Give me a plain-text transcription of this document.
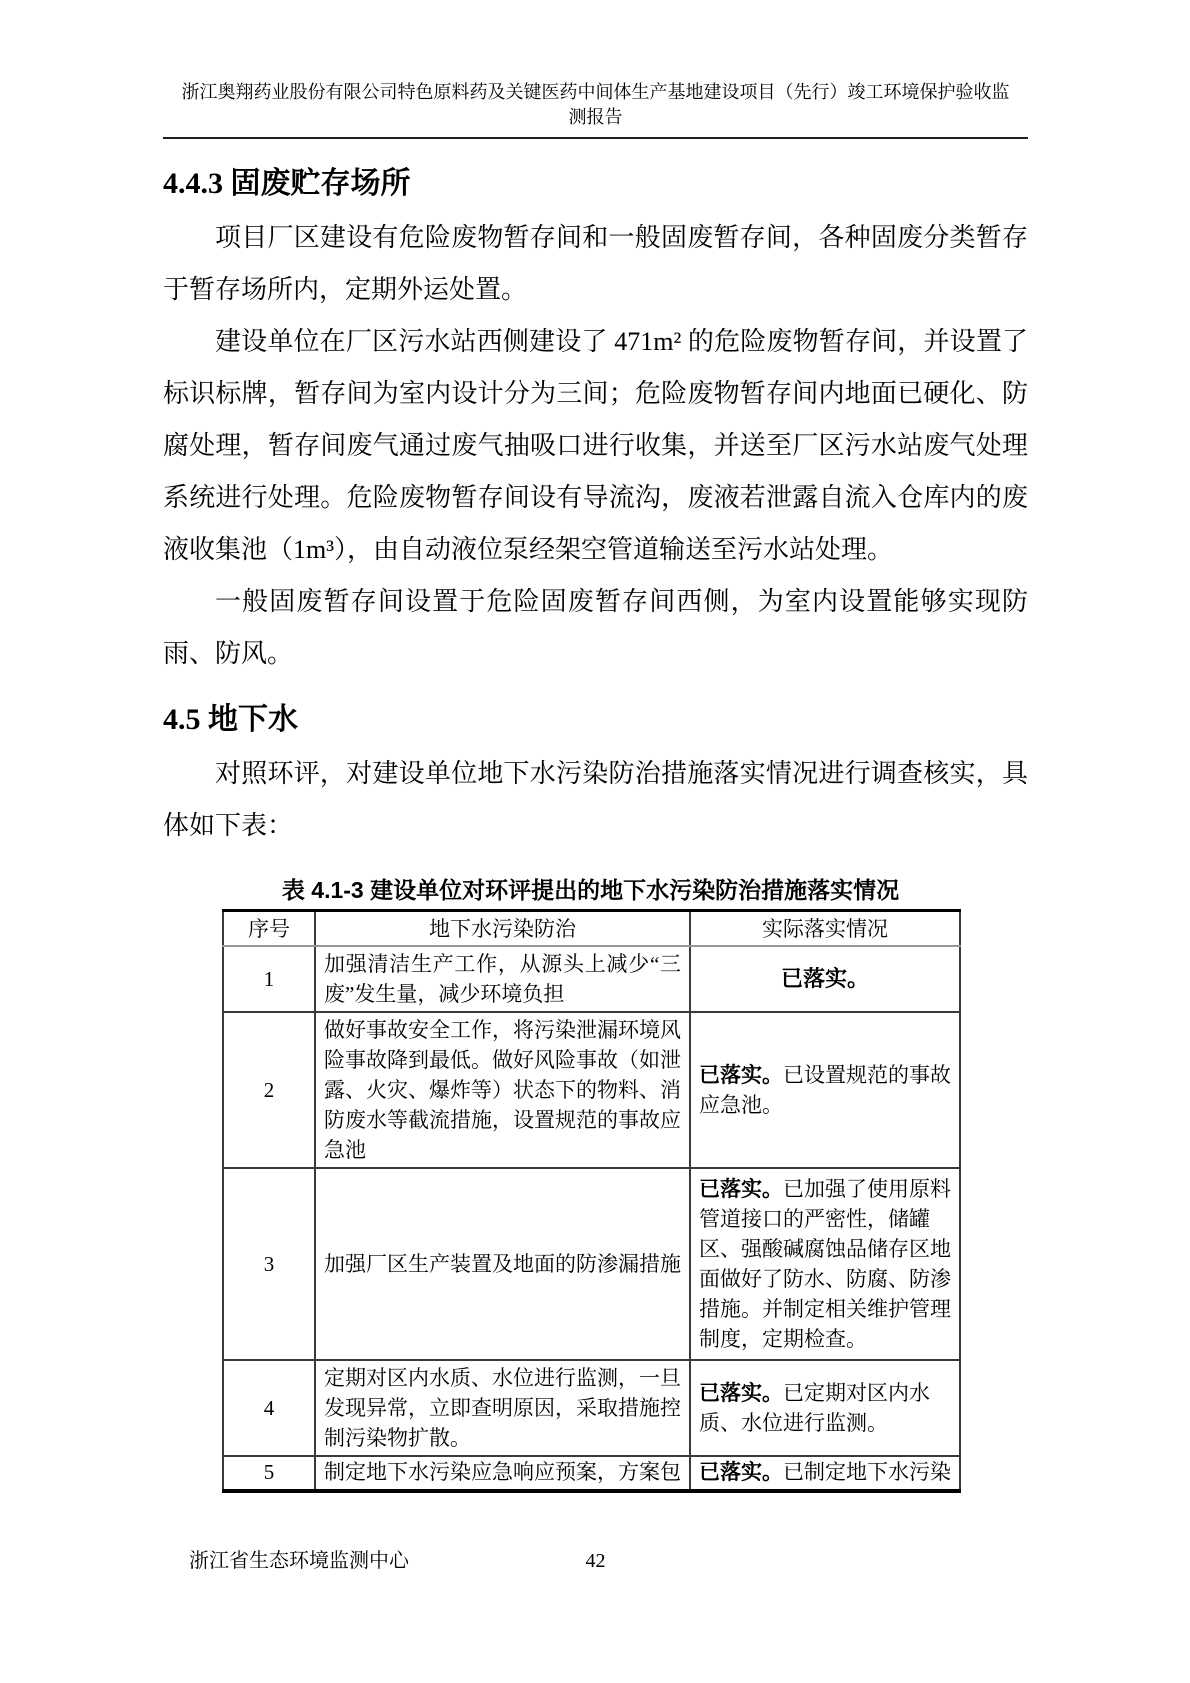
浙江奥翔药业股份有限公司特色原料药及关键医药中间体生产基地建设项目（先行）竣工环境保护验收监
测报告
4.4.3 固废贮存场所

项目厂区建设有危险废物暂存间和一般固废暂存间，各种固废分类暂存于暂存场所内，定期外运处置。

建设单位在厂区污水站西侧建设了 471m² 的危险废物暂存间，并设置了标识标牌，暂存间为室内设计分为三间；危险废物暂存间内地面已硬化、防腐处理，暂存间废气通过废气抽吸口进行收集，并送至厂区污水站废气处理系统进行处理。危险废物暂存间设有导流沟，废液若泄露自流入仓库内的废液收集池（1m³），由自动液位泵经架空管道输送至污水站处理。

一般固废暂存间设置于危险固废暂存间西侧，为室内设置能够实现防雨、防风。

4.5 地下水

对照环评，对建设单位地下水污染防治措施落实情况进行调查核实，具体如下表：

表 4.1-3 建设单位对环评提出的地下水污染防治措施落实情况
序号	地下水污染防治	实际落实情况
1	加强清洁生产工作，从源头上减少“三废”发生量，减少环境负担	已落实。
2	做好事故安全工作，将污染泄漏环境风险事故降到最低。做好风险事故（如泄露、火灾、爆炸等）状态下的物料、消防废水等截流措施，设置规范的事故应急池	已落实。已设置规范的事故应急池。
3	加强厂区生产装置及地面的防渗漏措施	已落实。已加强了使用原料管道接口的严密性，储罐区、强酸碱腐蚀品储存区地面做好了防水、防腐、防渗措施。并制定相关维护管理制度，定期检查。
4	定期对区内水质、水位进行监测，一旦发现异常，立即查明原因，采取措施控制污染物扩散。	已落实。已定期对区内水质、水位进行监测。
5	制定地下水污染应急响应预案，方案包	已落实。已制定地下水污染
浙江省生态环境监测中心	42
